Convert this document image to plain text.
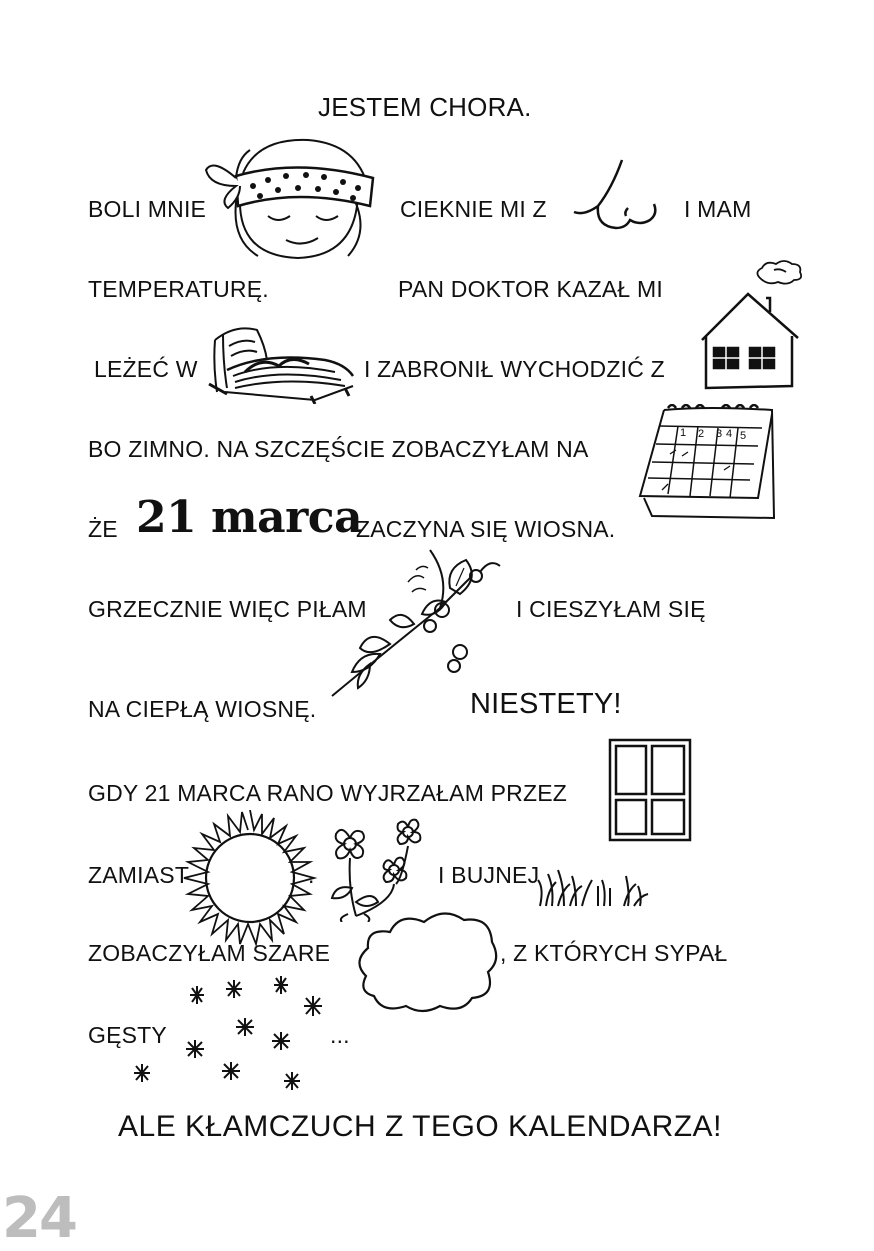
JESTEM CHORA.
BOLI MNIE	CIEKNIE MI Z	I MAM
TEMPERATURĘ.	PAN DOKTOR KAZAŁ MI
LEŻEĆ W	I ZABRONIŁ WYCHODZIĆ Z
BO ZIMNO. NA SZCZĘŚCIE ZOBACZYŁAM NA
1 2 3 4 5
ŻE 21 marca
ZACZYNA SIĘ WIOSNA.
GRZECZNIE WIĘC PIŁAM	I CIESZYŁAM SIĘ
NA CIEPŁĄ WIOSNĘ.	NIESTETY!
GDY 21 MARCA RANO WYJRZAŁAM PRZEZ
ZAMIAST	.	I BUJNEJ
ZOBACZYŁAM SZARE	, Z KTÓRYCH SYPAŁ
GĘSTY	...
ALE KŁAMCZUCH Z TEGO KALENDARZA!
24
